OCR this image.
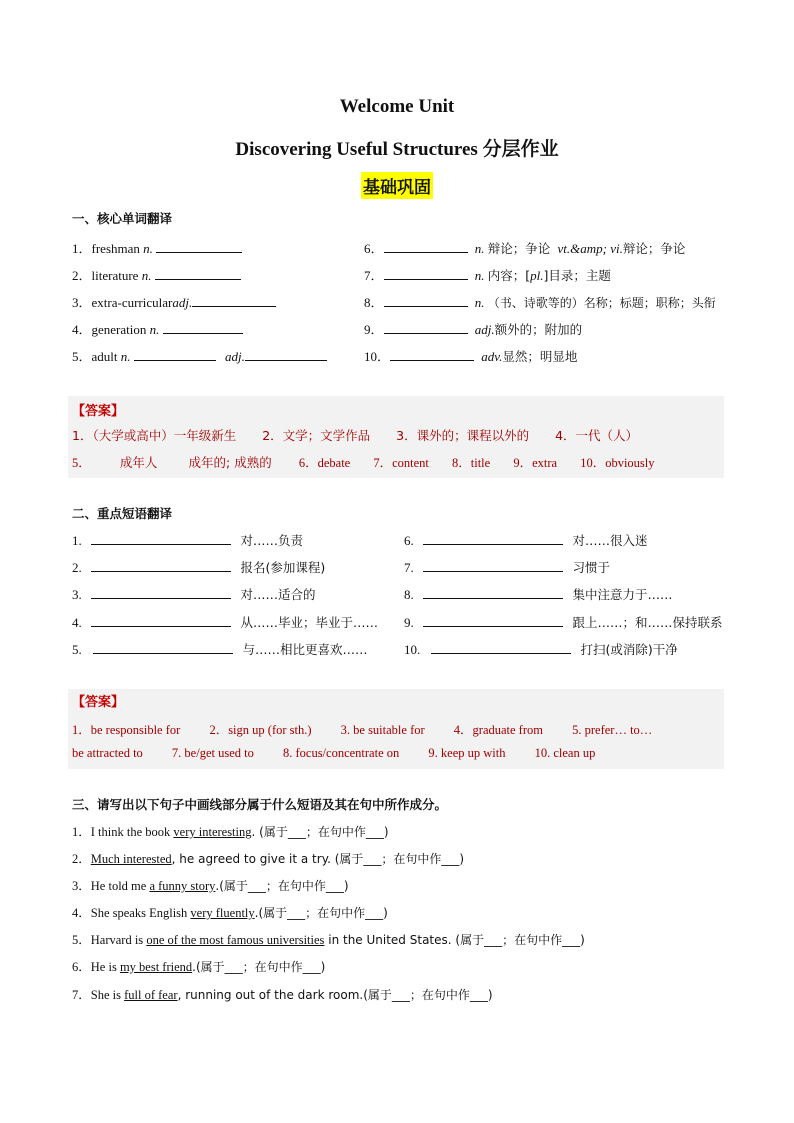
Welcome Unit
Discovering Useful Structures 分层作业
基础巩固
一、核心单词翻译
1．freshman n.
2．literature n.
3．extra-curricularadj.
4．generation n.
5．adult n.	adj.
6．	n. 辩论；争论 vt.&amp; vi.辩论；争论
7．	n. 内容；[pl.]目录；主题
8．	n. （书、诗歌等的）名称；标题；职称；头衔
9．	adj.额外的；附加的
10．	adv.显然；明显地
【答案】
1．（大学或高中）一年级新生 2．文学；文学作品 3．课外的；课程以外的 4．一代（人）
5． 成年人 成年的; 成熟的 6．debate 7．content 8．title 9．extra 10．obviously
二、重点短语翻译
1.	对……负责
2.	报名(参加课程)
3.	对……适合的
4.	从……毕业；毕业于……
5.	与……相比更喜欢……
6.	对……很入迷
7.	习惯于
8.	集中注意力于……
9.	跟上……；和……保持联系
10.	打扫(或消除)干净
【答案】
1．be responsible for 2．sign up (for sth.) 3. be suitable for 4．graduate from 5. prefer… to…
be attracted to 7. be/get used to 8. focus/concentrate on 9. keep up with 10. clean up
三、请写出以下句子中画线部分属于什么短语及其在句中所作成分。
1．I think the book very interesting. (属于___；在句中作___)
2．Much interested, he agreed to give it a try. (属于___；在句中作___)
3．He told me a funny story.(属于___；在句中作___)
4．She speaks English very fluently.(属于___；在句中作___)
5．Harvard is one of the most famous universities in the United States. (属于___；在句中作___)
6．He is my best friend.(属于___；在句中作___)
7．She is full of fear, running out of the dark room.(属于___；在句中作___)
